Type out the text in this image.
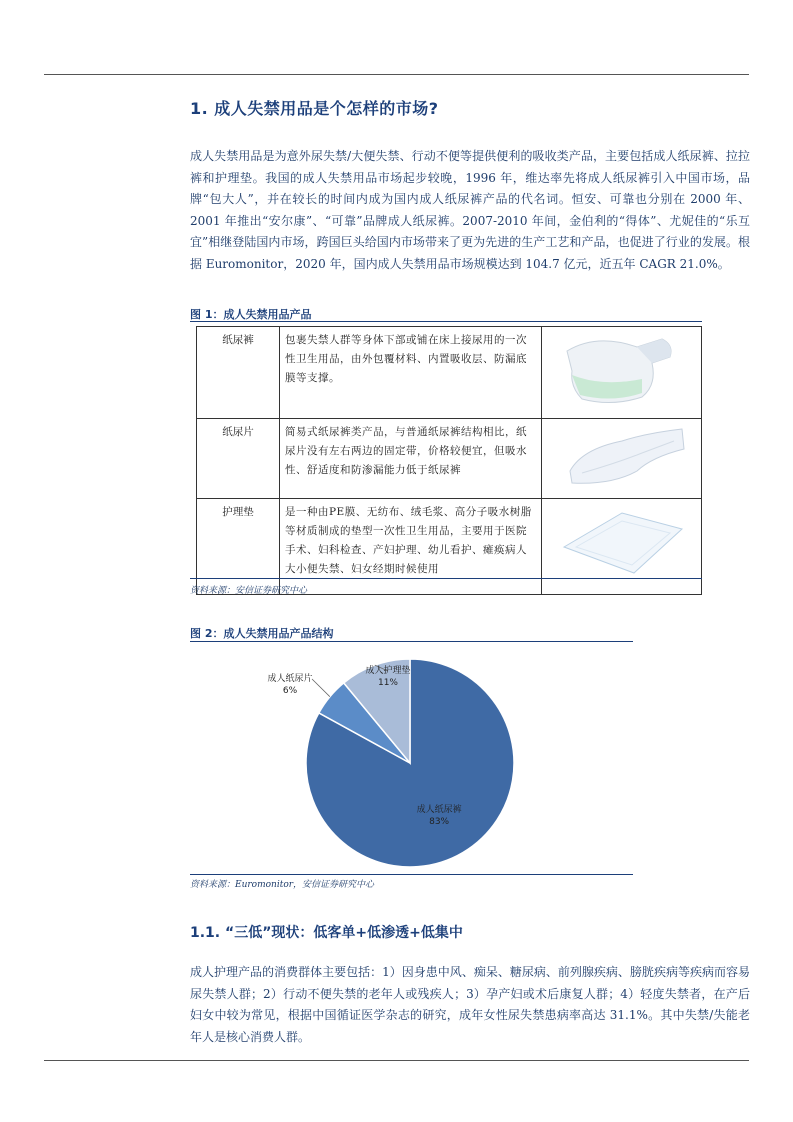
1. 成人失禁用品是个怎样的市场?
成人失禁用品是为意外尿失禁/大便失禁、行动不便等提供便利的吸收类产品，主要包括成人纸尿裤、拉拉裤和护理垫。我国的成人失禁用品市场起步较晚，1996 年，维达率先将成人纸尿裤引入中国市场，品牌“包大人”，并在较长的时间内成为国内成人纸尿裤产品的代名词。恒安、可靠也分别在 2000 年、2001 年推出“安尔康”、“可靠”品牌成人纸尿裤。2007-2010 年间，金伯利的“得体”、尤妮佳的“乐互宜”相继登陆国内市场，跨国巨头给国内市场带来了更为先进的生产工艺和产品，也促进了行业的发展。根据 Euromonitor，2020 年，国内成人失禁用品市场规模达到 104.7 亿元，近五年 CAGR 21.0%。
图 1：成人失禁用品产品
纸尿裤	包裹失禁人群等身体下部或铺在床上接尿用的一次性卫生用品，由外包覆材料、内置吸收层、防漏底膜等支撑。	
纸尿片	简易式纸尿裤类产品，与普通纸尿裤结构相比，纸尿片没有左右两边的固定带，价格较便宜，但吸水性、舒适度和防渗漏能力低于纸尿裤	
护理垫	是一种由PE膜、无纺布、绒毛浆、高分子吸水树脂等材质制成的垫型一次性卫生用品，主要用于医院手术、妇科检查、产妇护理、幼儿看护、瘫痪病人大小便失禁、妇女经期时候使用	
资料来源：安信证券研究中心
图 2：成人失禁用品产品结构
成人纸尿裤
83%
成人纸尿片
6%
成人护理垫
11%
资料来源：Euromonitor，安信证券研究中心
1.1. “三低”现状：低客单+低渗透+低集中
成人护理产品的消费群体主要包括：1）因身患中风、痴呆、糖尿病、前列腺疾病、膀胱疾病等疾病而容易尿失禁人群；2）行动不便失禁的老年人或残疾人；3）孕产妇或术后康复人群；4）轻度失禁者，在产后妇女中较为常见，根据中国循证医学杂志的研究，成年女性尿失禁患病率高达 31.1%。其中失禁/失能老年人是核心消费人群。
